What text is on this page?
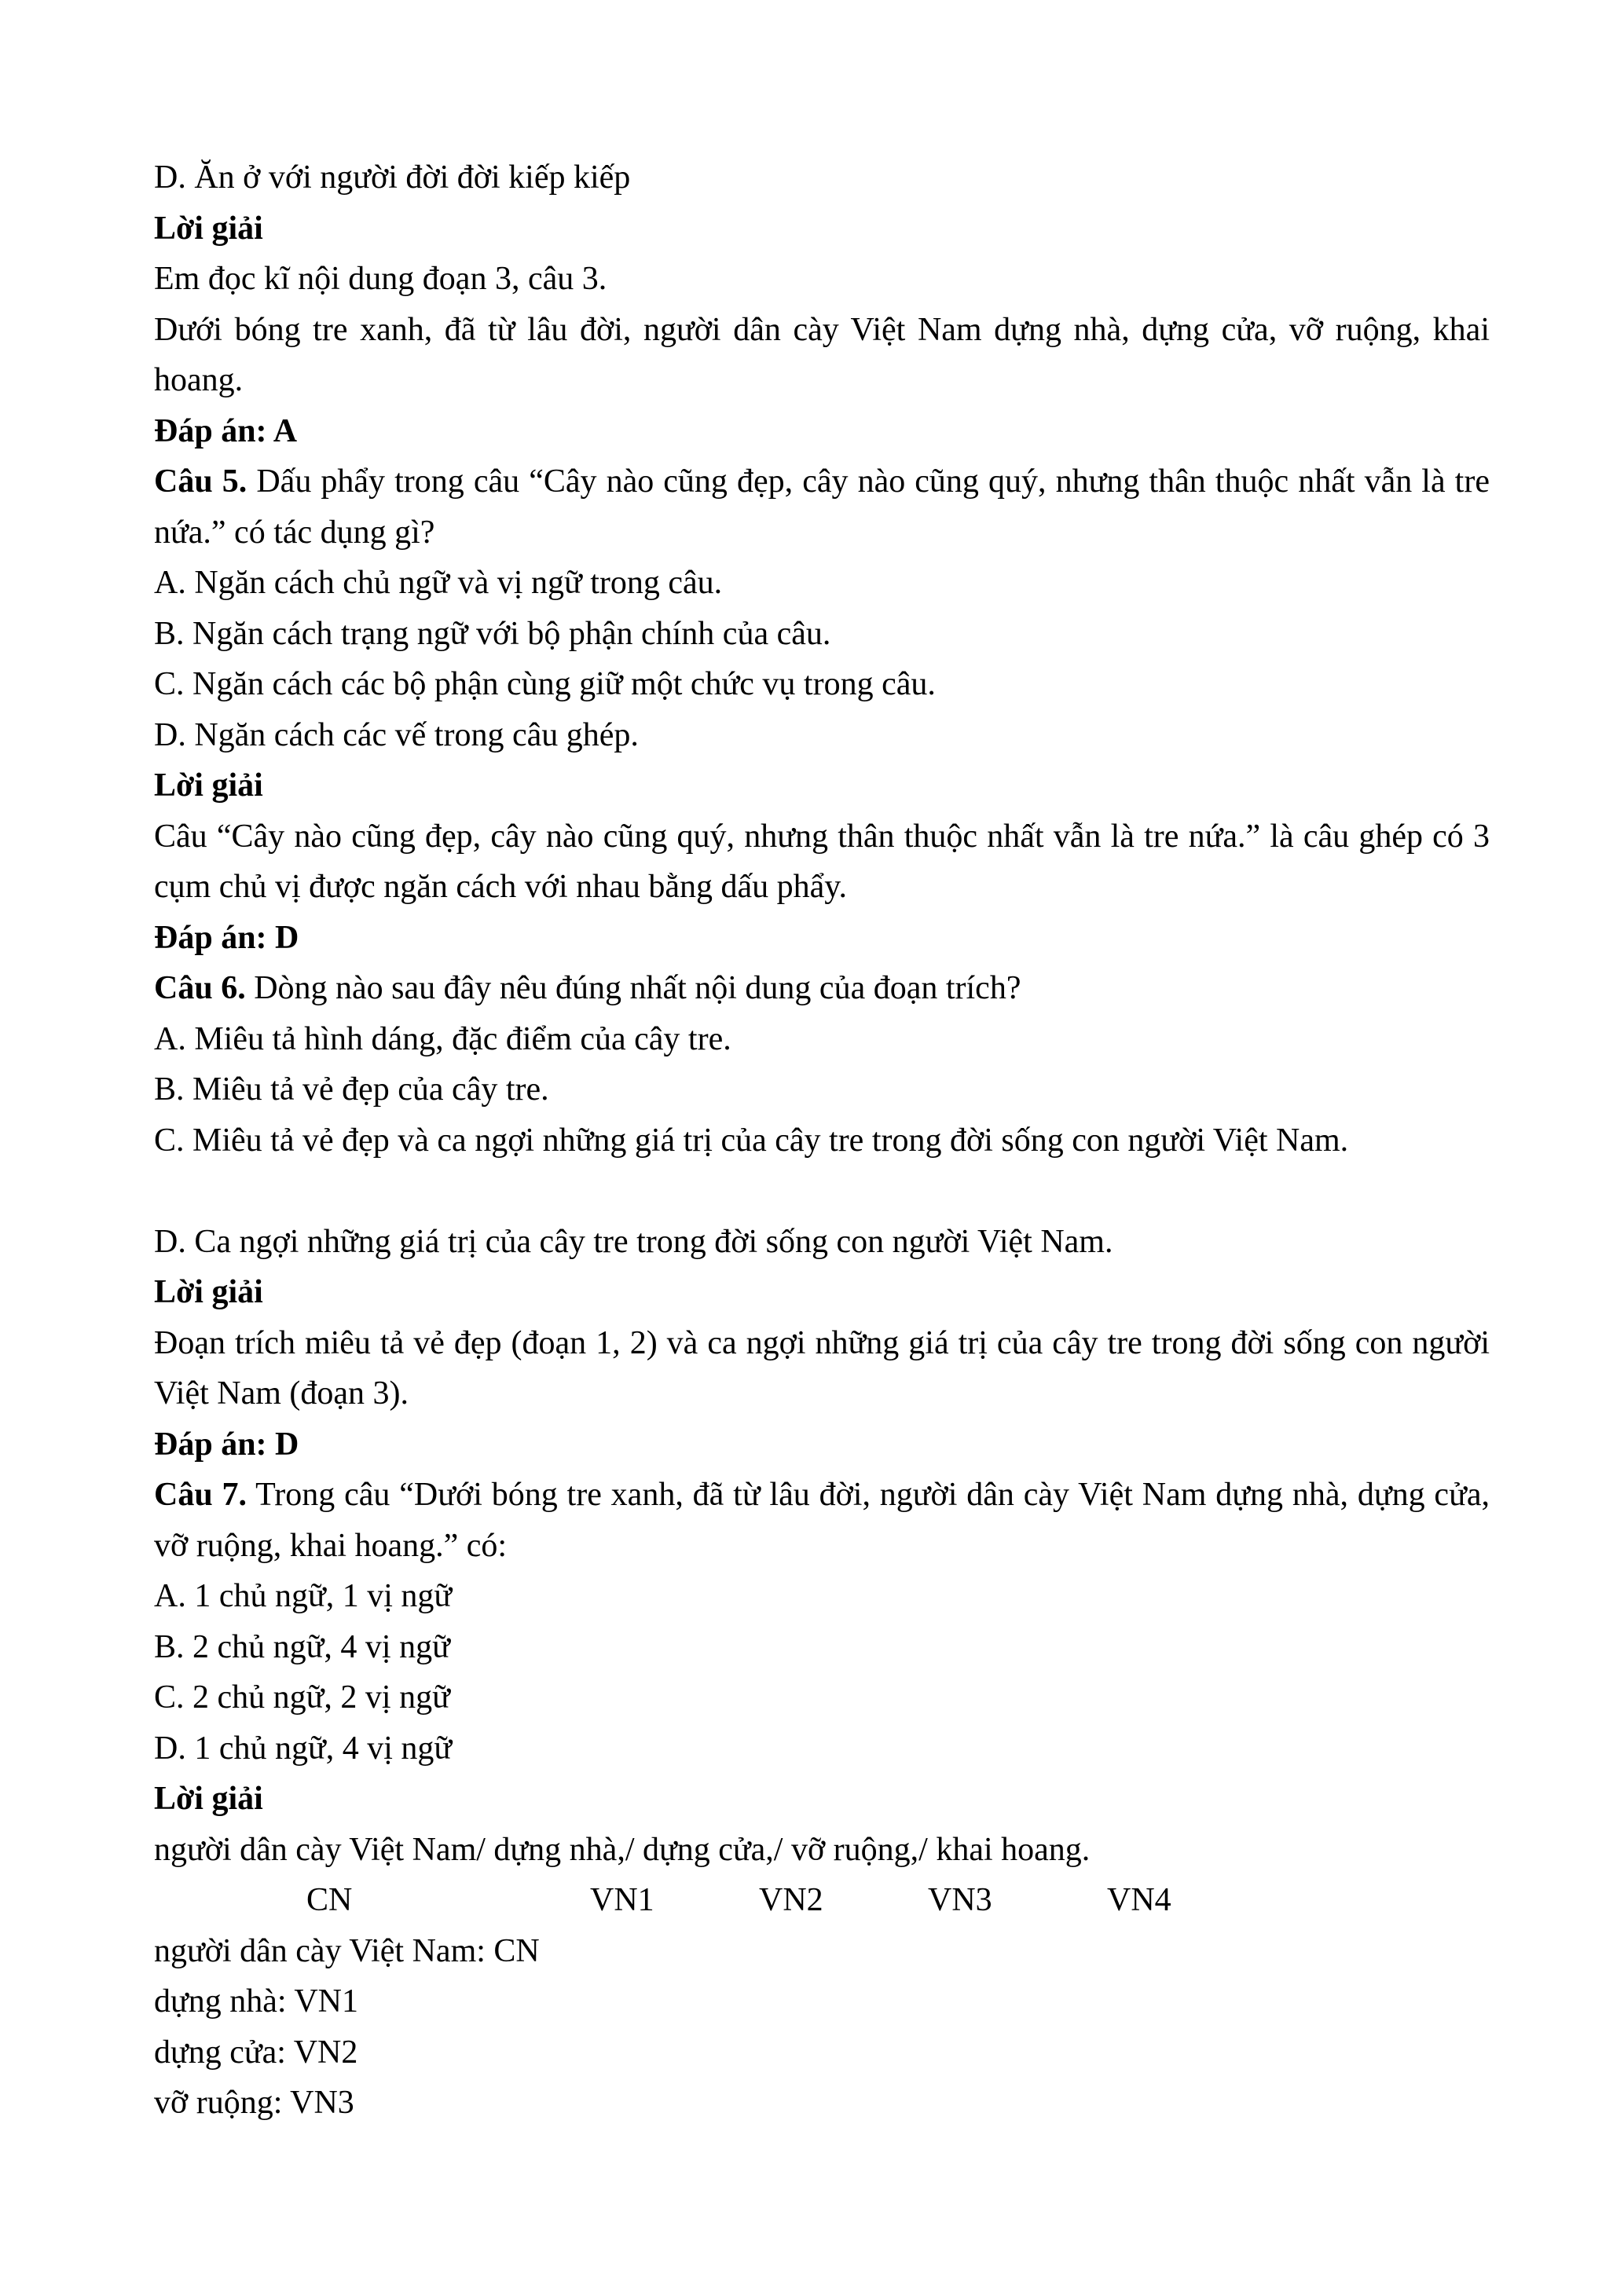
D. Ăn ở với người đời đời kiếp kiếp
Lời giải
Em đọc kĩ nội dung đoạn 3, câu 3.
Dưới bóng tre xanh, đã từ lâu đời, người dân cày Việt Nam dựng nhà, dựng cửa, vỡ ruộng, khai hoang.
Đáp án: A
Câu 5. Dấu phẩy trong câu “Cây nào cũng đẹp, cây nào cũng quý, nhưng thân thuộc nhất vẫn là tre nứa.” có tác dụng gì?
A. Ngăn cách chủ ngữ và vị ngữ trong câu.
B. Ngăn cách trạng ngữ với bộ phận chính của câu.
C. Ngăn cách các bộ phận cùng giữ một chức vụ trong câu.
D. Ngăn cách các vế trong câu ghép.
Lời giải
Câu “Cây nào cũng đẹp, cây nào cũng quý, nhưng thân thuộc nhất vẫn là tre nứa.” là câu ghép có 3 cụm chủ vị được ngăn cách với nhau bằng dấu phẩy.
Đáp án: D
Câu 6. Dòng nào sau đây nêu đúng nhất nội dung của đoạn trích?
A. Miêu tả hình dáng, đặc điểm của cây tre.
B. Miêu tả vẻ đẹp của cây tre.
C. Miêu tả vẻ đẹp và ca ngợi những giá trị của cây tre trong đời sống con người Việt Nam.
D. Ca ngợi những giá trị của cây tre trong đời sống con người Việt Nam.
Lời giải
Đoạn trích miêu tả vẻ đẹp (đoạn 1, 2) và ca ngợi những giá trị của cây tre trong đời sống con người Việt Nam (đoạn 3).
Đáp án: D
Câu 7. Trong câu “Dưới bóng tre xanh, đã từ lâu đời, người dân cày Việt Nam dựng nhà, dựng cửa, vỡ ruộng, khai hoang.” có:
A. 1 chủ ngữ, 1 vị ngữ
B. 2 chủ ngữ, 4 vị ngữ
C. 2 chủ ngữ, 2 vị ngữ
D. 1 chủ ngữ, 4 vị ngữ
Lời giải
người dân cày Việt Nam/ dựng nhà,/ dựng cửa,/ vỡ ruộng,/ khai hoang.
CN	VN1	VN2	VN3	VN4
người dân cày Việt Nam: CN
dựng nhà: VN1
dựng cửa: VN2
vỡ ruộng: VN3
